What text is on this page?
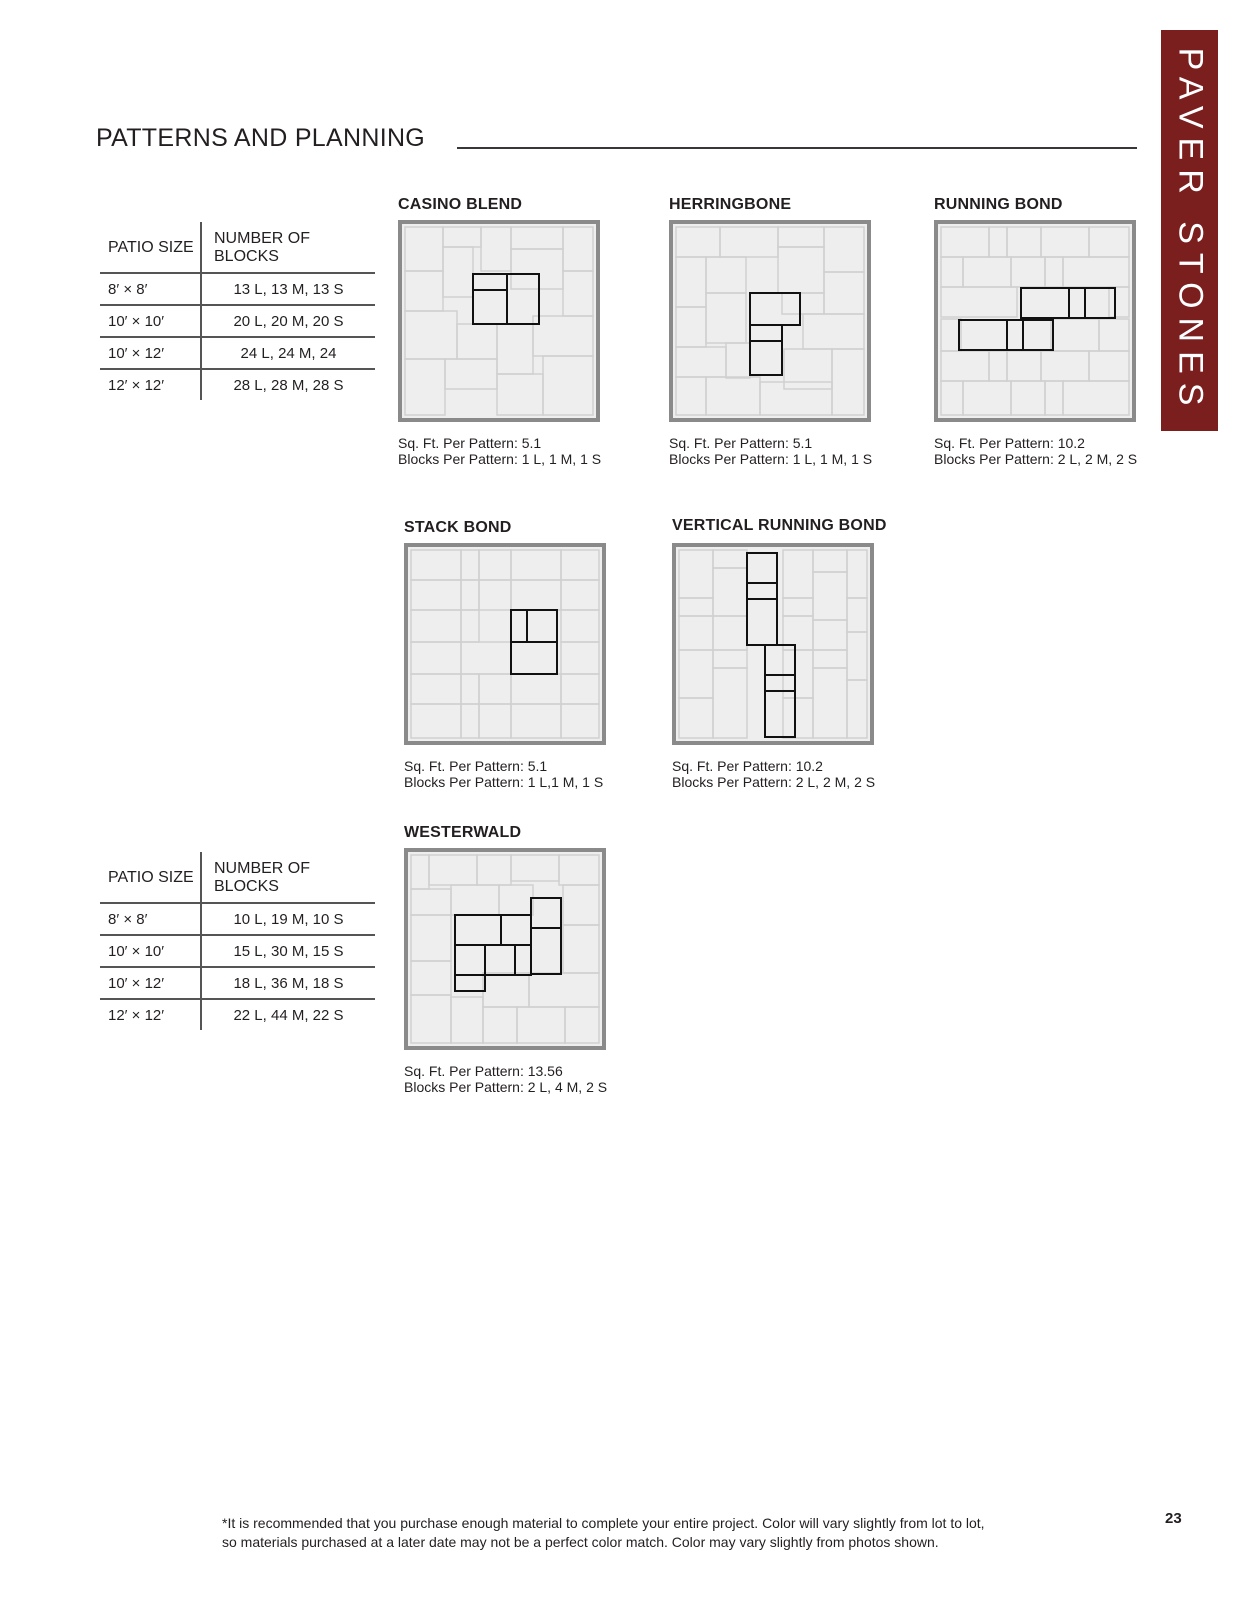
PATTERNS AND PLANNING	PAVER STONES
PATIO SIZE	NUMBER OF BLOCKS
8′ × 8′	13 L, 13 M, 13 S
10′ × 10′	20 L, 20 M, 20 S
10′ × 12′	24 L, 24 M, 24
12′ × 12′	28 L, 28 M, 28 S
PATIO SIZE	NUMBER OF BLOCKS
8′ × 8′	10 L, 19 M, 10 S
10′ × 10′	15 L, 30 M, 15 S
10′ × 12′	18 L, 36 M, 18 S
12′ × 12′	22 L, 44 M, 22 S
CASINO BLEND
Sq. Ft. Per Pattern: 5.1
Blocks Per Pattern: 1 L, 1 M, 1 S
HERRINGBONE
Sq. Ft. Per Pattern: 5.1
Blocks Per Pattern: 1 L, 1 M, 1 S
RUNNING BOND
Sq. Ft. Per Pattern: 10.2
Blocks Per Pattern: 2 L, 2 M, 2 S
STACK BOND
Sq. Ft. Per Pattern: 5.1
Blocks Per Pattern: 1 L,1 M, 1 S
VERTICAL RUNNING BOND
Sq. Ft. Per Pattern: 10.2
Blocks Per Pattern: 2 L, 2 M, 2 S
WESTERWALD
Sq. Ft. Per Pattern: 13.56
Blocks Per Pattern: 2 L, 4 M, 2 S
*It is recommended that you purchase enough material to complete your entire project. Color will vary slightly from lot to lot,
so materials purchased at a later date may not be a perfect color match. Color may vary slightly from photos shown.
23
